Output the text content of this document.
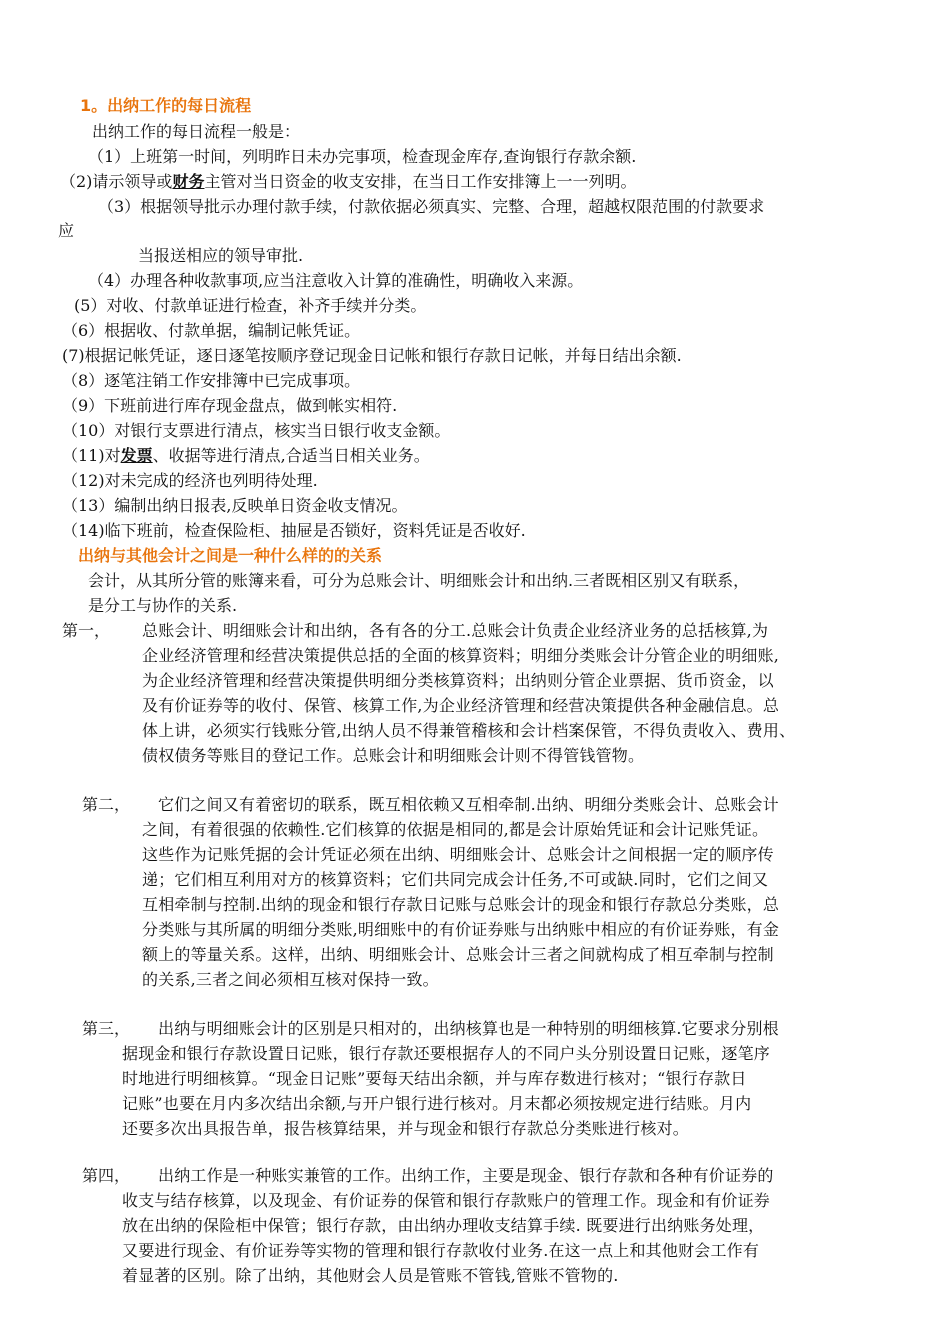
1。出纳工作的每日流程
出纳工作的每日流程一般是：
（1）上班第一时间，列明昨日未办完事项，检查现金库存,查询银行存款余额.
（2)请示领导或财务主管对当日资金的收支安排，在当日工作安排簿上一一列明。
（3）根据领导批示办理付款手续，付款依据必须真实、完整、合理，超越权限范围的付款要求
应
当报送相应的领导审批.
（4）办理各种收款事项,应当注意收入计算的准确性，明确收入来源。
(5）对收、付款单证进行检查，补齐手续并分类。
（6）根据收、付款单据，编制记帐凭证。
(7)根据记帐凭证，逐日逐笔按顺序登记现金日记帐和银行存款日记帐，并每日结出余额.
（8）逐笔注销工作安排簿中已完成事项。
（9）下班前进行库存现金盘点，做到帐实相符.
（10）对银行支票进行清点，核实当日银行收支金额。
（11)对发票、收据等进行清点,合适当日相关业务。
（12)对未完成的经济也列明待处理.
（13）编制出纳日报表,反映单日资金收支情况。
（14)临下班前，检查保险柜、抽屉是否锁好，资料凭证是否收好.
出纳与其他会计之间是一种什么样的的关系
会计，从其所分管的账簿来看，可分为总账会计、明细账会计和出纳.三者既相区别又有联系，
是分工与协作的关系.
第一， 总账会计、明细账会计和出纳，各有各的分工.总账会计负责企业经济业务的总括核算,为
企业经济管理和经营决策提供总括的全面的核算资料；明细分类账会计分管企业的明细账,
为企业经济管理和经营决策提供明细分类核算资料；出纳则分管企业票据、货币资金，以
及有价证券等的收付、保管、核算工作,为企业经济管理和经营决策提供各种金融信息。总
体上讲，必须实行钱账分管,出纳人员不得兼管稽核和会计档案保管，不得负责收入、费用、
债权债务等账目的登记工作。总账会计和明细账会计则不得管钱管物。
第二，	它们之间又有着密切的联系，既互相依赖又互相牵制.出纳、明细分类账会计、总账会计
之间，有着很强的依赖性.它们核算的依据是相同的,都是会计原始凭证和会计记账凭证。
这些作为记账凭据的会计凭证必须在出纳、明细账会计、总账会计之间根据一定的顺序传
递；它们相互利用对方的核算资料；它们共同完成会计任务,不可或缺.同时，它们之间又
互相牵制与控制.出纳的现金和银行存款日记账与总账会计的现金和银行存款总分类账，总
分类账与其所属的明细分类账,明细账中的有价证券账与出纳账中相应的有价证券账，有金
额上的等量关系。这样，出纳、明细账会计、总账会计三者之间就构成了相互牵制与控制
的关系,三者之间必须相互核对保持一致。
第三，	出纳与明细账会计的区别是只相对的，出纳核算也是一种特别的明细核算.它要求分别根
据现金和银行存款设置日记账，银行存款还要根据存人的不同户头分别设置日记账，逐笔序
时地进行明细核算。“现金日记账”要每天结出余额，并与库存数进行核对；“银行存款日
记账”也要在月内多次结出余额,与开户银行进行核对。月末都必须按规定进行结账。月内
还要多次出具报告单，报告核算结果，并与现金和银行存款总分类账进行核对。
第四，	出纳工作是一种账实兼管的工作。出纳工作，主要是现金、银行存款和各种有价证券的
收支与结存核算，以及现金、有价证券的保管和银行存款账户的管理工作。现金和有价证券
放在出纳的保险柜中保管；银行存款，由出纳办理收支结算手续. 既要进行出纳账务处理，
又要进行现金、有价证券等实物的管理和银行存款收付业务.在这一点上和其他财会工作有
着显著的区别。除了出纳，其他财会人员是管账不管钱,管账不管物的.
